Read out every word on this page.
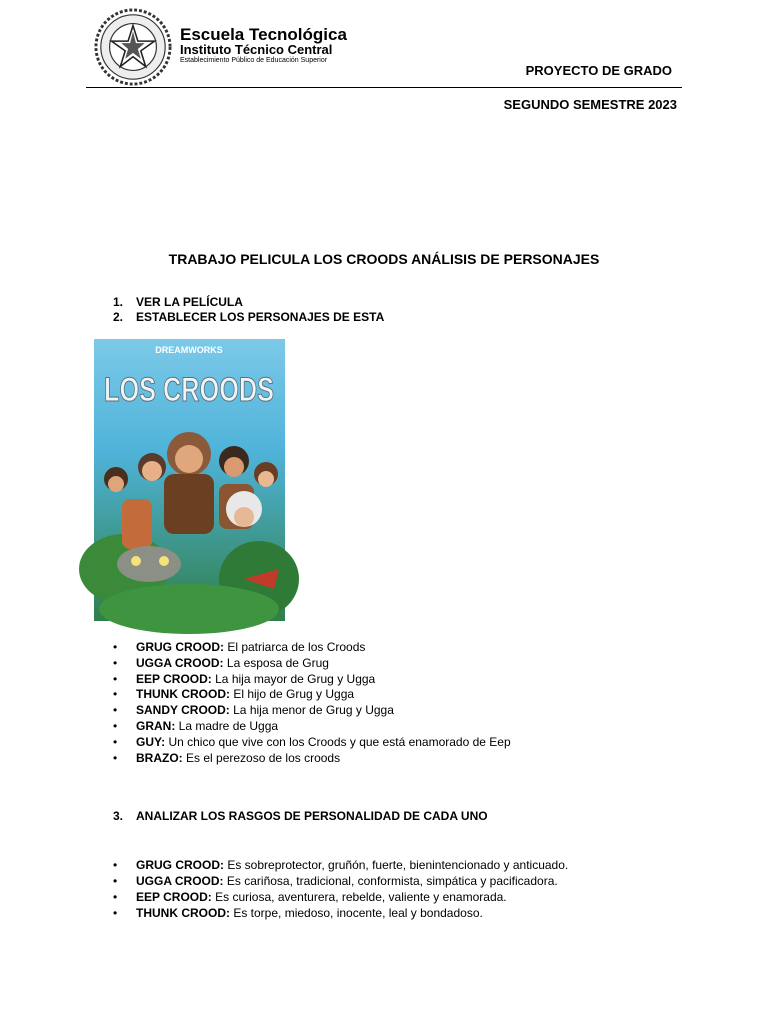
Escuela Tecnológica
Instituto Técnico Central
Establecimiento Público de Educación Superior
PROYECTO DE GRADO
SEGUNDO SEMESTRE 2023
TRABAJO PELICULA LOS CROODS ANÁLISIS DE PERSONAJES
1. VER LA PELÍCULA
2. ESTABLECER LOS PERSONAJES DE ESTA
DREAMWORKS
LOS CROODS
• GRUG CROOD: El patriarca de los Croods
• UGGA CROOD: La esposa de Grug
• EEP CROOD: La hija mayor de Grug y Ugga
• THUNK CROOD: El hijo de Grug y Ugga
• SANDY CROOD: La hija menor de Grug y Ugga
• GRAN: La madre de Ugga
• GUY: Un chico que vive con los Croods y que está enamorado de Eep
• BRAZO: Es el perezoso de los croods
3. ANALIZAR LOS RASGOS DE PERSONALIDAD DE CADA UNO
• GRUG CROOD: Es sobreprotector, gruñón, fuerte, bienintencionado y anticuado.
• UGGA CROOD: Es cariñosa, tradicional, conformista, simpática y pacificadora.
• EEP CROOD: Es curiosa, aventurera, rebelde, valiente y enamorada.
• THUNK CROOD: Es torpe, miedoso, inocente, leal y bondadoso.
